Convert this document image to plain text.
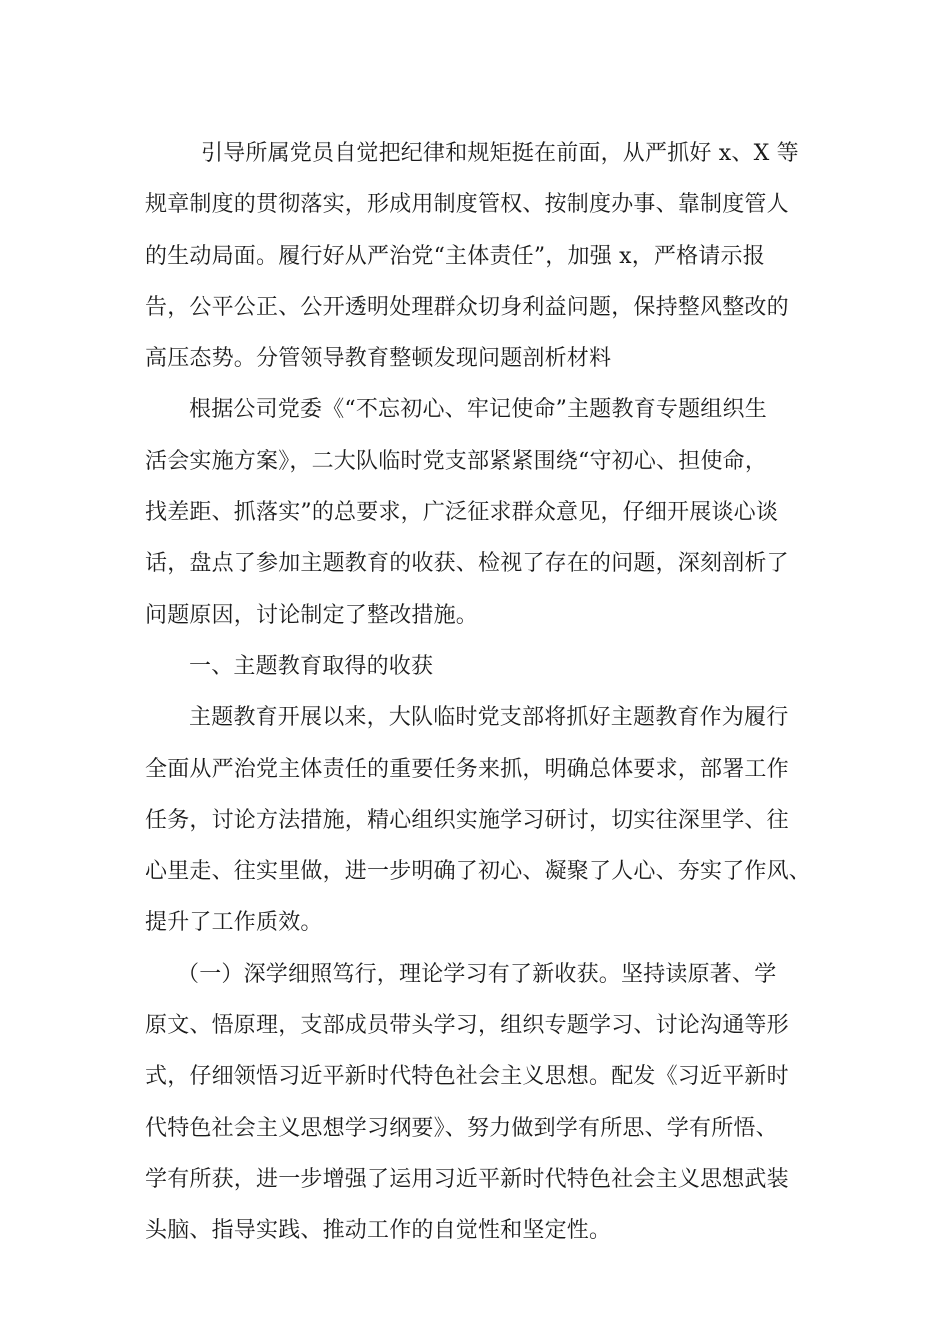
引导所属党员自觉把纪律和规矩挺在前面，从严抓好 x、X 等
规章制度的贯彻落实，形成用制度管权、按制度办事、靠制度管人
的生动局面。履行好从严治党“主体责任”，加强 x，严格请示报
告，公平公正、公开透明处理群众切身利益问题，保持整风整改的
高压态势。分管领导教育整顿发现问题剖析材料

根据公司党委《“不忘初心、牢记使命”主题教育专题组织生
活会实施方案》，二大队临时党支部紧紧围绕“守初心、担使命，
找差距、抓落实”的总要求，广泛征求群众意见，仔细开展谈心谈
话，盘点了参加主题教育的收获、检视了存在的问题，深刻剖析了
问题原因，讨论制定了整改措施。

一、主题教育取得的收获

主题教育开展以来，大队临时党支部将抓好主题教育作为履行
全面从严治党主体责任的重要任务来抓，明确总体要求，部署工作
任务，讨论方法措施，精心组织实施学习研讨，切实往深里学、往
心里走、往实里做，进一步明确了初心、凝聚了人心、夯实了作风、
提升了工作质效。

（一）深学细照笃行，理论学习有了新收获。坚持读原著、学
原文、悟原理，支部成员带头学习，组织专题学习、讨论沟通等形
式，仔细领悟习近平新时代特色社会主义思想。配发《习近平新时
代特色社会主义思想学习纲要》、努力做到学有所思、学有所悟、
学有所获，进一步增强了运用习近平新时代特色社会主义思想武装
头脑、指导实践、推动工作的自觉性和坚定性。
